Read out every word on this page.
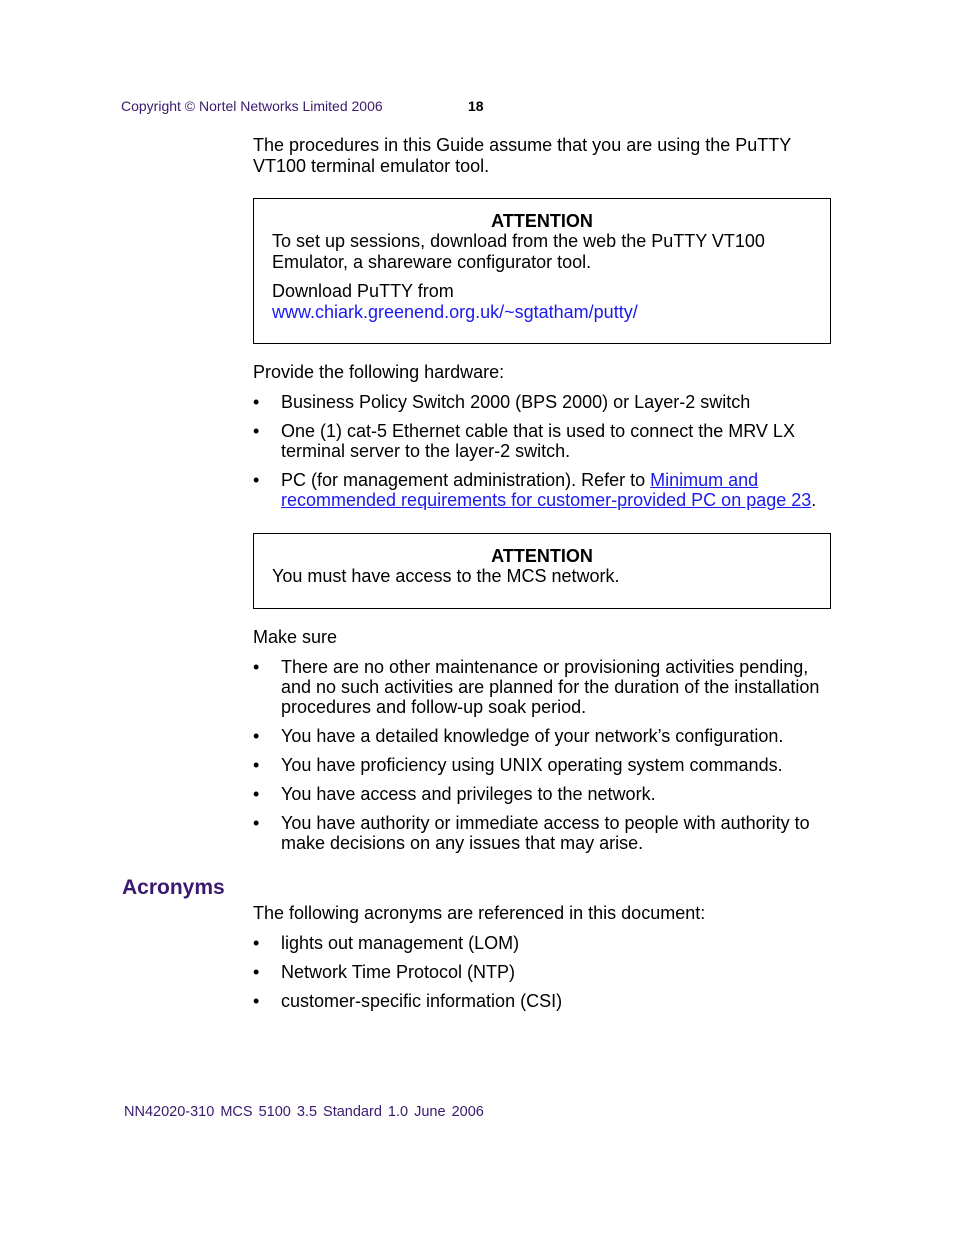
Copyright © Nortel Networks Limited 2006	18
The procedures in this Guide assume that you are using the PuTTY VT100 terminal emulator tool.
ATTENTION
To set up sessions, download from the web the PuTTY VT100 Emulator, a shareware configurator tool.
Download PuTTY from
www.chiark.greenend.org.uk/~sgtatham/putty/
Provide the following hardware:
• Business Policy Switch 2000 (BPS 2000) or Layer-2 switch
• One (1) cat-5 Ethernet cable that is used to connect the MRV LX terminal server to the layer-2 switch.
• PC (for management administration). Refer to Minimum and recommended requirements for customer-provided PC on page 23.
ATTENTION
You must have access to the MCS network.
Make sure
• There are no other maintenance or provisioning activities pending, and no such activities are planned for the duration of the installation procedures and follow-up soak period.
• You have a detailed knowledge of your network’s configuration.
• You have proficiency using UNIX operating system commands.
• You have access and privileges to the network.
• You have authority or immediate access to people with authority to make decisions on any issues that may arise.
Acronyms
The following acronyms are referenced in this document:
• lights out management (LOM)
• Network Time Protocol (NTP)
• customer-specific information (CSI)
NN42020-310 MCS 5100 3.5 Standard 1.0 June 2006
